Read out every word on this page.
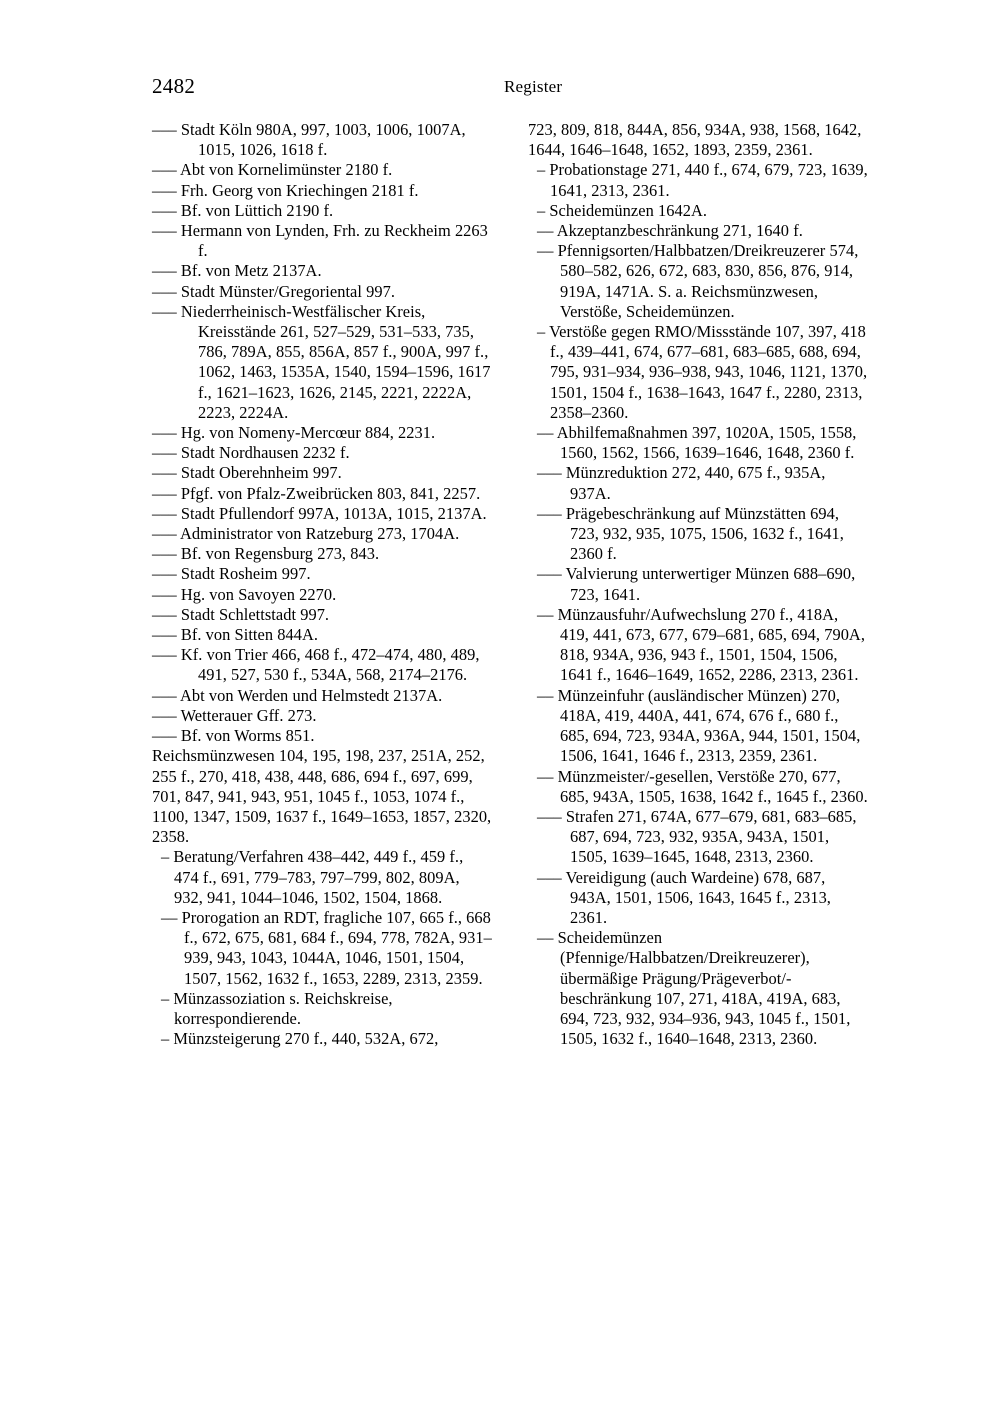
2482	Register

––– Stadt Köln 980A, 997, 1003, 1006, 1007A, 1015, 1026, 1618 f.

––– Abt von Kornelimünster 2180 f.

––– Frh. Georg von Kriechingen 2181 f.

––– Bf. von Lüttich 2190 f.

––– Hermann von Lynden, Frh. zu Reckheim 2263 f.

––– Bf. von Metz 2137A.

––– Stadt Münster/Gregoriental 997.

––– Niederrheinisch-Westfälischer Kreis, Kreisstände 261, 527–529, 531–533, 735, 786, 789A, 855, 856A, 857 f., 900A, 997 f., 1062, 1463, 1535A, 1540, 1594–1596, 1617 f., 1621–1623, 1626, 2145, 2221, 2222A, 2223, 2224A.

––– Hg. von Nomeny-Mercœur 884, 2231.

––– Stadt Nordhausen 2232 f.

––– Stadt Oberehnheim 997.

––– Pfgf. von Pfalz-Zweibrücken 803, 841, 2257.

––– Stadt Pfullendorf 997A, 1013A, 1015, 2137A.

––– Administrator von Ratzeburg 273, 1704A.

––– Bf. von Regensburg 273, 843.

––– Stadt Rosheim 997.

––– Hg. von Savoyen 2270.

––– Stadt Schlettstadt 997.

––– Bf. von Sitten 844A.

––– Kf. von Trier 466, 468 f., 472–474, 480, 489, 491, 527, 530 f., 534A, 568, 2174–2176.

––– Abt von Werden und Helmstedt 2137A.

––– Wetterauer Gff. 273.

––– Bf. von Worms 851.

Reichsmünzwesen 104, 195, 198, 237, 251A, 252, 255 f., 270, 418, 438, 448, 686, 694 f., 697, 699, 701, 847, 941, 943, 951, 1045 f., 1053, 1074 f., 1100, 1347, 1509, 1637 f., 1649–1653, 1857, 2320, 2358.

– Beratung/Verfahren 438–442, 449 f., 459 f., 474 f., 691, 779–783, 797–799, 802, 809A, 932, 941, 1044–1046, 1502, 1504, 1868.

–– Prorogation an RDT, fragliche 107, 665 f., 668 f., 672, 675, 681, 684 f., 694, 778, 782A, 931–939, 943, 1043, 1044A, 1046, 1501, 1504, 1507, 1562, 1632 f., 1653, 2289, 2313, 2359.

– Münzassoziation s. Reichskreise, korrespondierende.

– Münzsteigerung 270 f., 440, 532A, 672,

723, 809, 818, 844A, 856, 934A, 938, 1568, 1642, 1644, 1646–1648, 1652, 1893, 2359, 2361.

– Probationstage 271, 440 f., 674, 679, 723, 1639, 1641, 2313, 2361.

– Scheidemünzen 1642A.

–– Akzeptanzbeschränkung 271, 1640 f.

–– Pfennigsorten/Halbbatzen/Dreikreuzerer 574, 580–582, 626, 672, 683, 830, 856, 876, 914, 919A, 1471A. S. a. Reichsmünzwesen, Verstöße, Scheidemünzen.

– Verstöße gegen RMO/Missstände 107, 397, 418 f., 439–441, 674, 677–681, 683–685, 688, 694, 795, 931–934, 936–938, 943, 1046, 1121, 1370, 1501, 1504 f., 1638–1643, 1647 f., 2280, 2313, 2358–2360.

–– Abhilfemaßnahmen 397, 1020A, 1505, 1558, 1560, 1562, 1566, 1639–1646, 1648, 2360 f.

––– Münzreduktion 272, 440, 675 f., 935A, 937A.

––– Prägebeschränkung auf Münzstätten 694, 723, 932, 935, 1075, 1506, 1632 f., 1641, 2360 f.

––– Valvierung unterwertiger Münzen 688–690, 723, 1641.

–– Münzausfuhr/Aufwechslung 270 f., 418A, 419, 441, 673, 677, 679–681, 685, 694, 790A, 818, 934A, 936, 943 f., 1501, 1504, 1506, 1641 f., 1646–1649, 1652, 2286, 2313, 2361.

–– Münzeinfuhr (ausländischer Münzen) 270, 418A, 419, 440A, 441, 674, 676 f., 680 f., 685, 694, 723, 934A, 936A, 944, 1501, 1504, 1506, 1641, 1646 f., 2313, 2359, 2361.

–– Münzmeister/-gesellen, Verstöße 270, 677, 685, 943A, 1505, 1638, 1642 f., 1645 f., 2360.

––– Strafen 271, 674A, 677–679, 681, 683–685, 687, 694, 723, 932, 935A, 943A, 1501, 1505, 1639–1645, 1648, 2313, 2360.

––– Vereidigung (auch Wardeine) 678, 687, 943A, 1501, 1506, 1643, 1645 f., 2313, 2361.

–– Scheidemünzen (Pfennige/Halbbatzen/Dreikreuzerer), übermäßige Prägung/Prägeverbot/-beschränkung 107, 271, 418A, 419A, 683, 694, 723, 932, 934–936, 943, 1045 f., 1501, 1505, 1632 f., 1640–1648, 2313, 2360.
